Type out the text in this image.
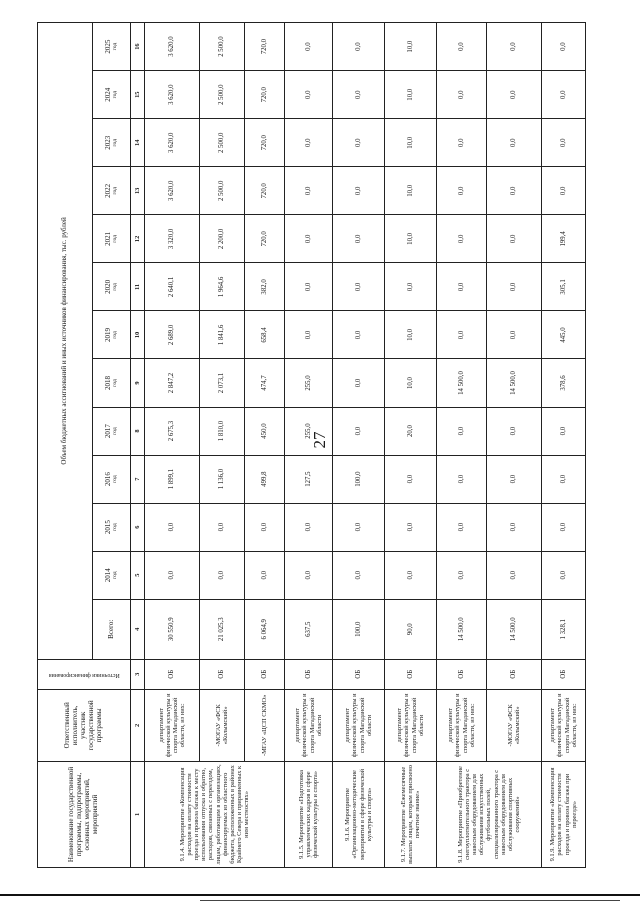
27
Наименование государственной программы, подпрограммы, основных мероприятий, мероприятий	Ответственный исполнитель, участник государственной программы	Источники финансирования	Объем бюджетных ассигнований и иных источников финансирования, тыс. рублей												
			Всего:	2014 год	2015 год	2016 год	2017 год	2018 год	2019 год	2020 год	2021 год	2022 год	2023 год	2024 год	2025 год

1	2	3	4	5	6	7	8	9	10	11	12	13	14	15	16
9.1.4. Мероприятие «Компенсация расходов на оплату стоимости проезда и провоза багажа к месту использования отпуска и обратно, расходов, связанных с переездом, лицам, работающим в организациях, финансируемых из областного бюджета, расположенных в районах Крайнего Севера и приравненных к ним местностях»	департамент физической культуры и спорта Магаданской области, из них:	ОБ	30 550,9	0,0	0,0	1 899,1	2 675,3	2 847,2	2 689,0	2 640,1	3 320,0	3 620,0	3 620,0	3 620,0	3 620,0
	-МОГАУ «ФСК «Колымский»	ОБ	21 025,3	0,0	0,0	1 136,0	1 810,0	2 073,1	1 841,6	1 964,6	2 200,0	2 500,0	2 500,0	2 500,0	2 500,0
	-МГАУ «ЦСП СКМО»	ОБ	6 064,9	0,0	0,0	499,8	450,0	474,7	658,4	382,0	720,0	720,0	720,0	720,0	720,0
9.1.5. Мероприятие «Подготовка управленческих кадров в сфере физической культуры и спорта»	департамент физической культуры и спорта Магаданской области	ОБ	637,5	0,0	0,0	127,5	255,0	255,0	0,0	0,0	0,0	0,0	0,0	0,0	0,0
9.1.6. Мероприятие «Организационно-методические мероприятия в сфере физической культуры и спорта»	департамент физической культуры и спорта Магаданской области	ОБ	100,0	0,0	0,0	100,0	0,0	0,0	0,0	0,0	0,0	0,0	0,0	0,0	0,0
9.1.7. Мероприятие «Ежемесячные выплаты лицам, которым присвоено почетное звание»	департамент физической культуры и спорта Магаданской области	ОБ	90,0	0,0	0,0	0,0	20,0	10,0	10,0	0,0	10,0	10,0	10,0	10,0	10,0
9.1.8. Мероприятие «Приобретение снегоуплотнительного трактора с навесным оборудованием для обслуживания искусственных футбольных полей, специализированного трактора с навесным оборудованием для обслуживания спортивных сооружений»	департамент физической культуры и спорта Магаданской области, из них:	ОБ	14 500,0	0,0	0,0	0,0	0,0	14 500,0	0,0	0,0	0,0	0,0	0,0	0,0	0,0
	-МОГАУ «ФСК «Колымский»	ОБ	14 500,0	0,0	0,0	0,0	0,0	14 500,0	0,0	0,0	0,0	0,0	0,0	0,0	0,0
9.1.9. Мероприятие «Компенсация расходов на оплату стоимости проезда и провоза багажа при переезде»	департамент физической культуры и спорта Магаданской области, из них:	ОБ	1 328,1	0,0	0,0	0,0	0,0	378,6	445,0	305,1	199,4	0,0	0,0	0,0	0,0
